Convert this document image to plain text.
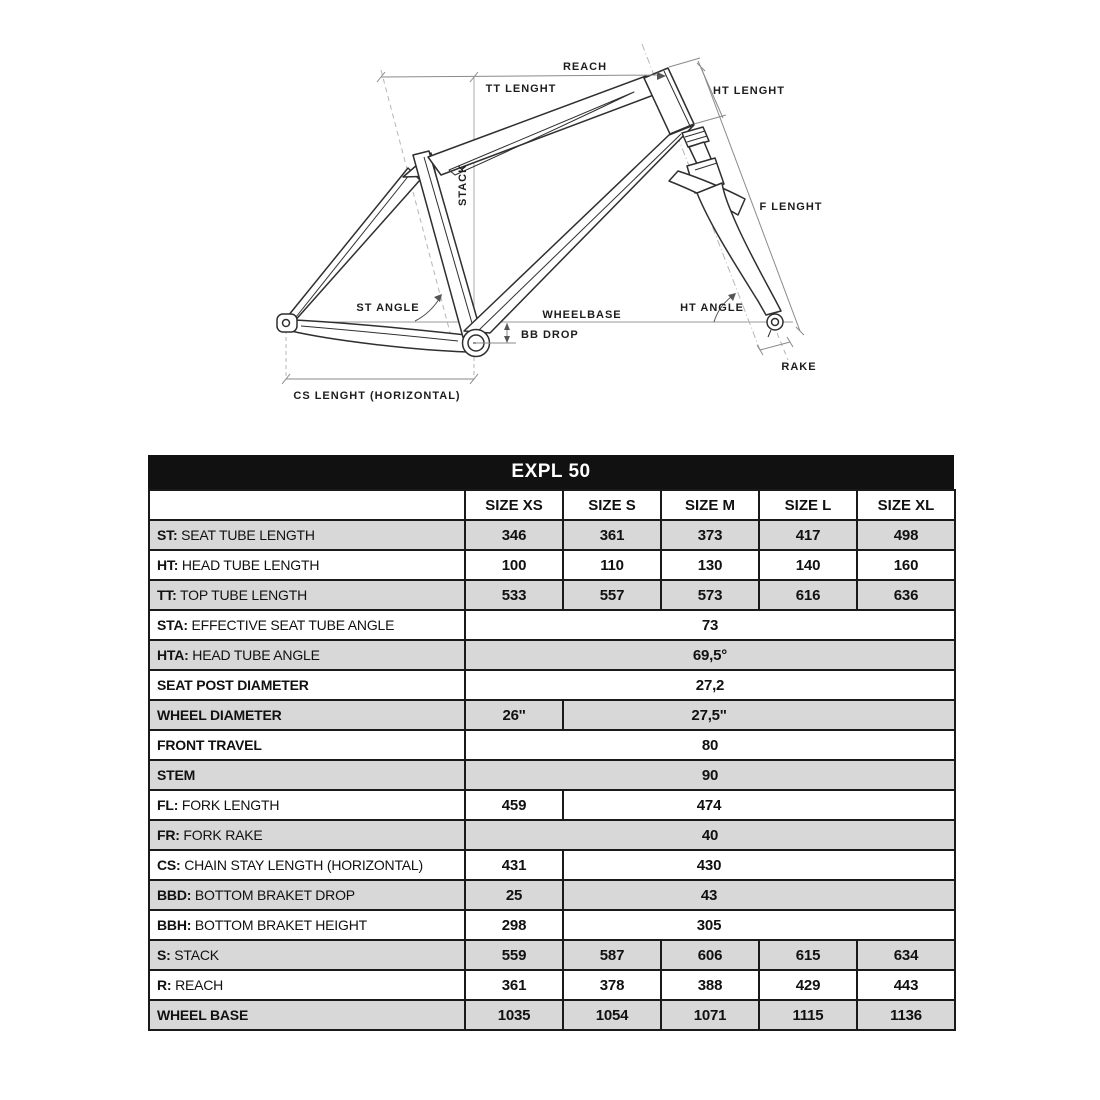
REACH
TT LENGHT	HT LENGHT
STACK
F LENGHT
ST ANGLE
WHEELBASE
BB DROP
HT ANGLE
RAKE
CS LENGHT (HORIZONTAL)
EXPL 50
	SIZE XS	SIZE S	SIZE M	SIZE L	SIZE XL
ST: SEAT TUBE LENGTH	346	361	373	417	498
HT: HEAD TUBE LENGTH	100	110	130	140	160
TT: TOP TUBE LENGTH	533	557	573	616	636
STA: EFFECTIVE SEAT TUBE ANGLE	73				
HTA: HEAD TUBE ANGLE	69,5°				
SEAT POST DIAMETER	27,2				
WHEEL DIAMETER	26''	27,5''			
FRONT TRAVEL	80				
STEM	90				
FL: FORK LENGTH	459	474			
FR: FORK RAKE	40				
CS: CHAIN STAY LENGTH (HORIZONTAL)	431	430			
BBD: BOTTOM BRAKET DROP	25	43			
BBH: BOTTOM BRAKET HEIGHT	298	305			
S: STACK	559	587	606	615	634
R: REACH	361	378	388	429	443
WHEEL BASE	1035	1054	1071	1115	1136
